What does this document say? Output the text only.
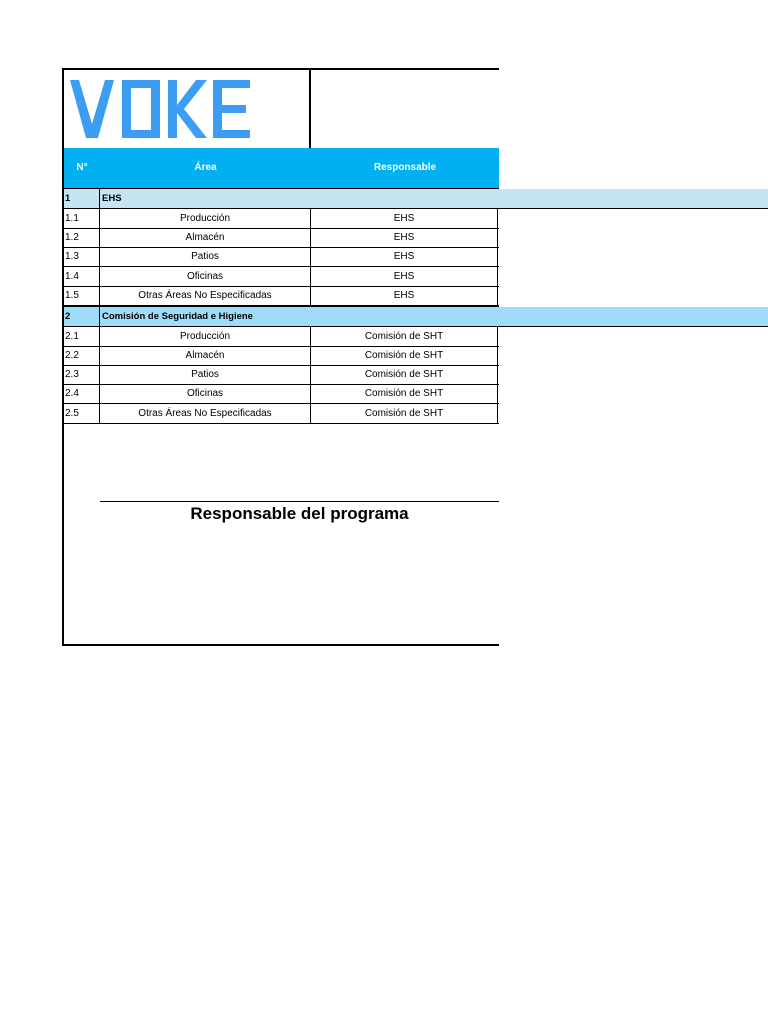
N°	Área	Responsable
1	EHS
1.1	Producción	EHS
1.2	Almacén	EHS
1.3	Patios	EHS
1.4	Oficinas	EHS
1.5	Otras Áreas No Especificadas	EHS
2	Comisión de Seguridad e Higiene
2.1	Producción	Comisión de SHT
2.2	Almacén	Comisión de SHT
2.3	Patios	Comisión de SHT
2.4	Oficinas	Comisión de SHT
2.5	Otras Áreas No Especificadas	Comisión de SHT
Responsable del programa
